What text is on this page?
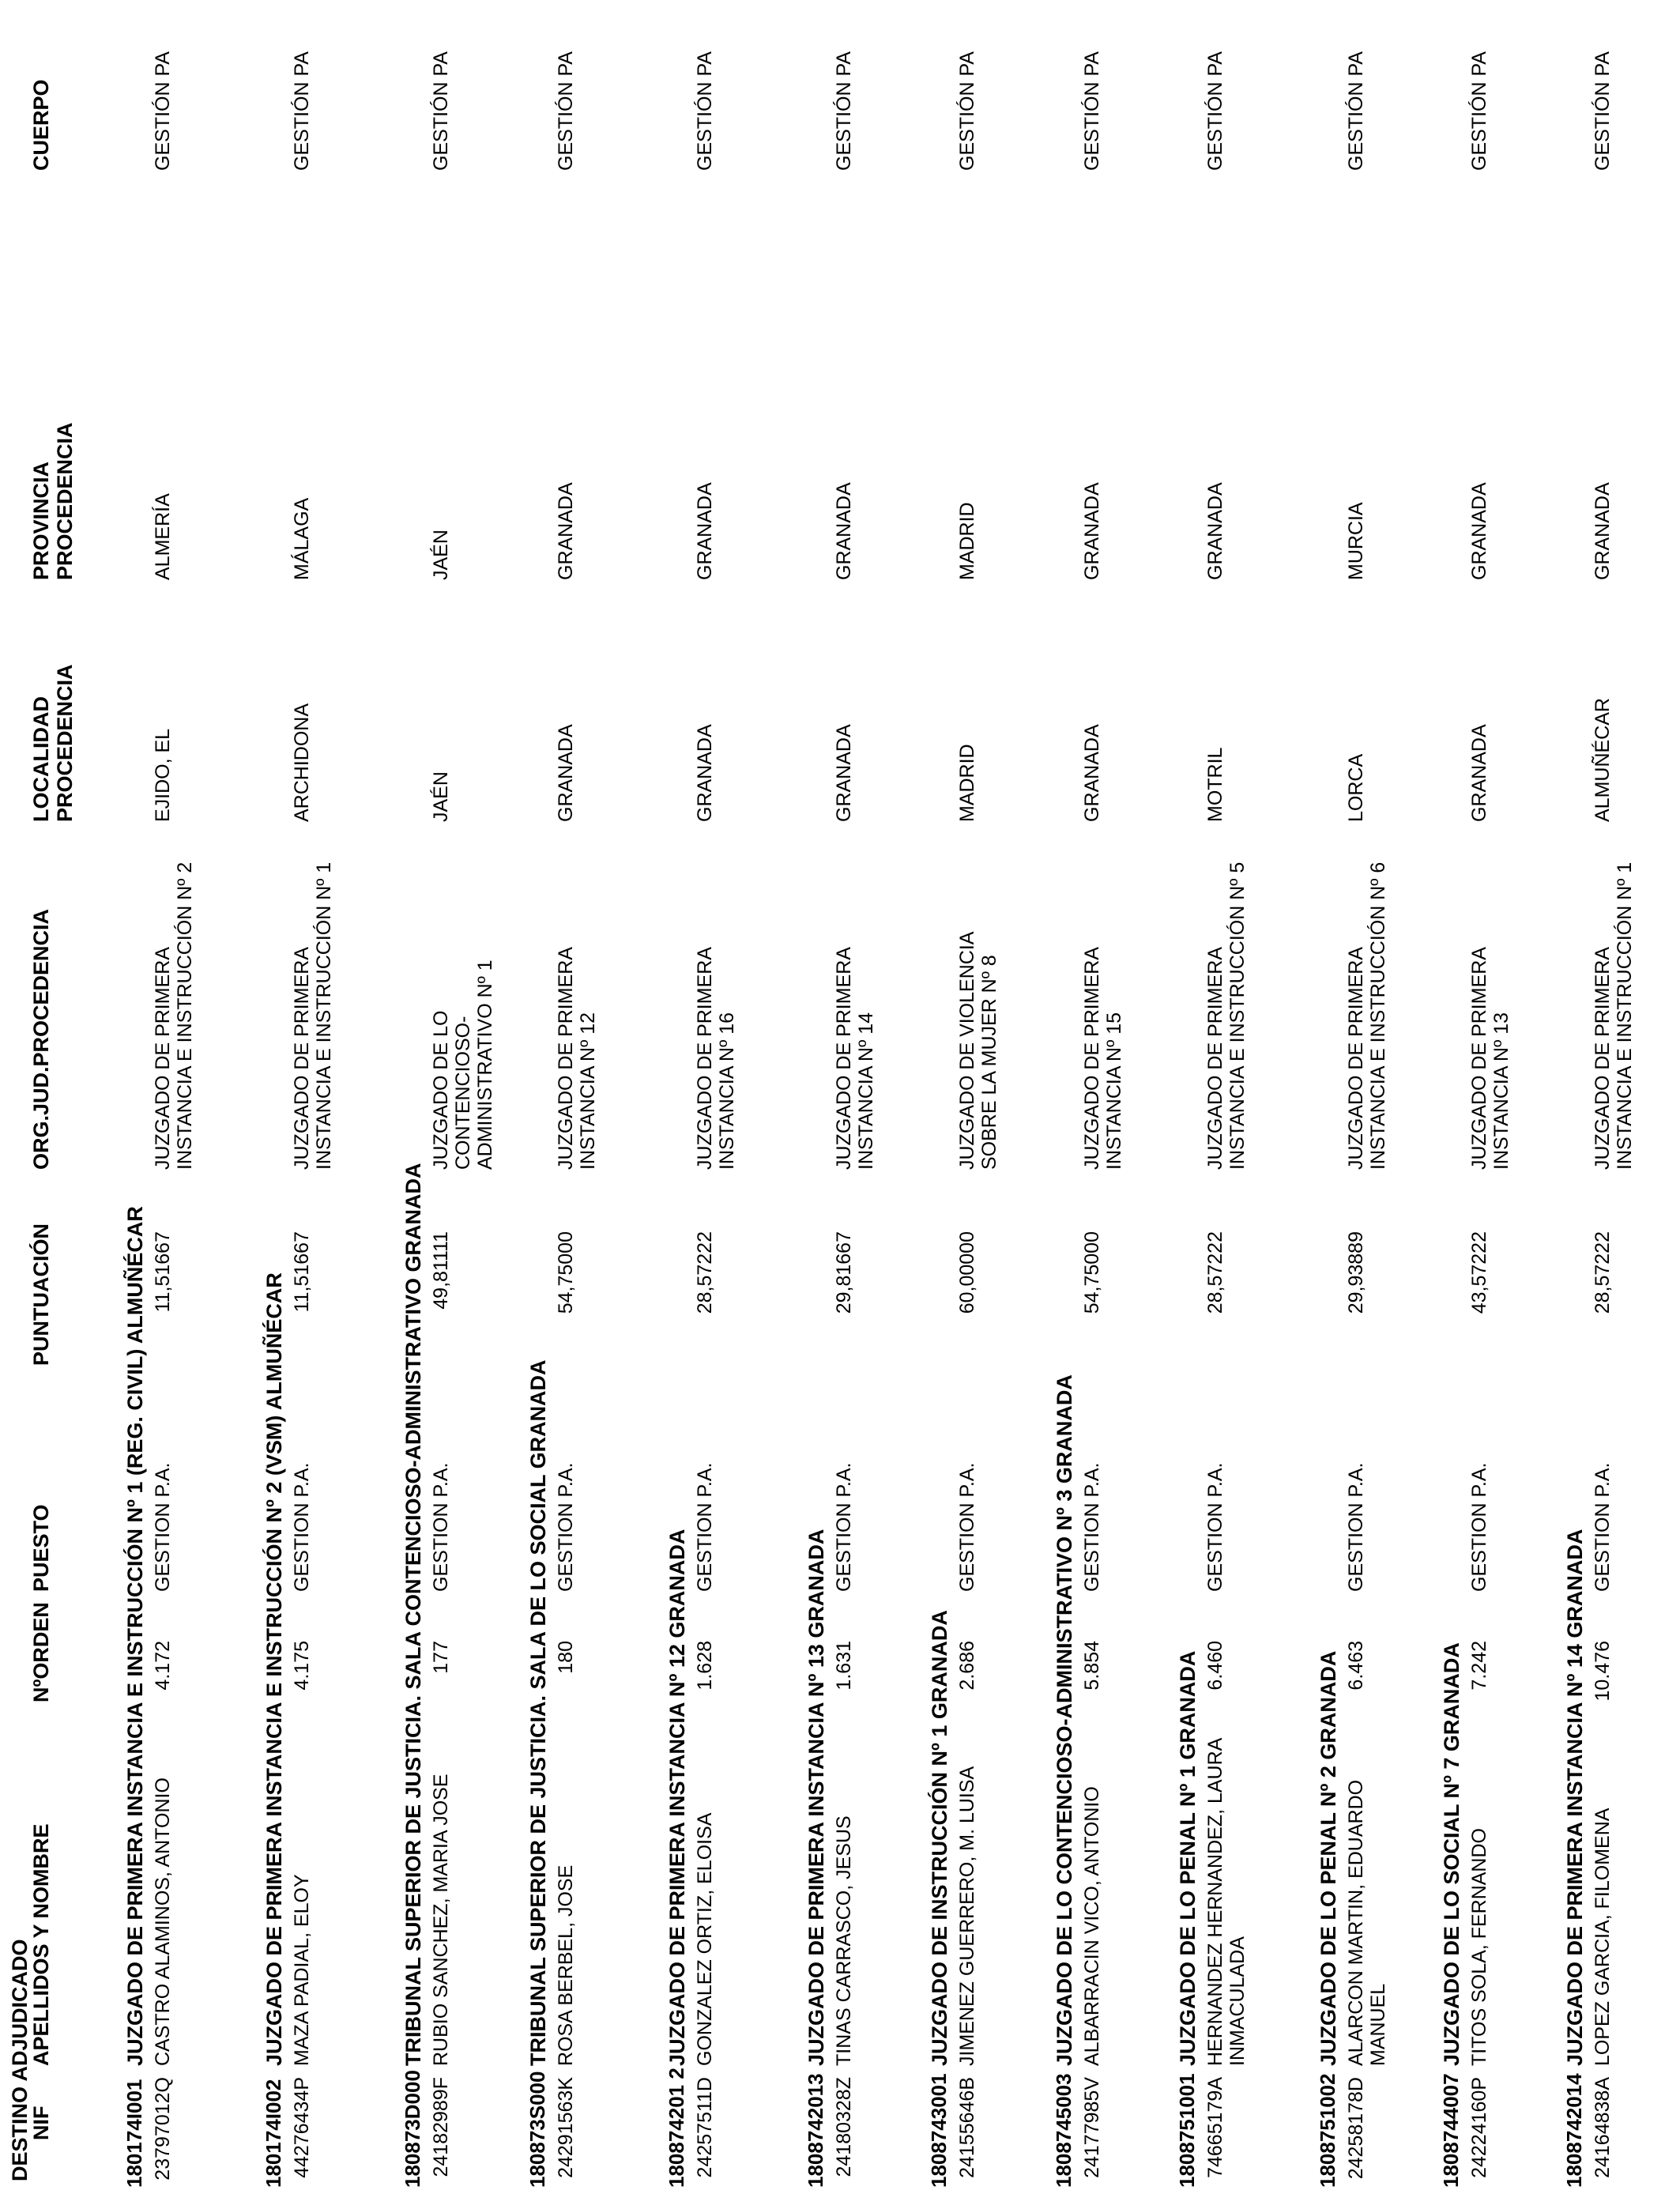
DESTINO ADJUDICADO
NIF
APELLIDOS Y NOMBRE
NºORDEN
PUESTO
PUNTUACIÓN
ORG.JUD.PROCEDENCIA
LOCALIDAD PROCEDENCIA
PROVINCIA PROCEDENCIA
CUERPO
180174I001
JUZGADO DE PRIMERA INSTANCIA E INSTRUCCIÓN Nº 1 (REG. CIVIL) ALMUÑÉCAR
23797012Q
CASTRO ALAMINOS, ANTONIO
4.172
GESTION P.A.
11,51667
JUZGADO DE PRIMERA INSTANCIA E INSTRUCCIÓN Nº 2
EJIDO, EL
ALMERÍA
GESTIÓN PA
180174I002
JUZGADO DE PRIMERA INSTANCIA E INSTRUCCIÓN Nº 2 (VSM) ALMUÑÉCAR
44276434P
MAZA PADIAL, ELOY
4.175
GESTION P.A.
11,51667
JUZGADO DE PRIMERA INSTANCIA E INSTRUCCIÓN Nº 1
ARCHIDONA
MÁLAGA
GESTIÓN PA
180873D000
TRIBUNAL SUPERIOR DE JUSTICIA. SALA CONTENCIOSO-ADMINISTRATIVO GRANADA
24182989F
RUBIO SANCHEZ, MARIA JOSE
177
GESTION P.A.
49,81111
JUZGADO DE LO CONTENCIOSO- ADMINISTRATIVO Nº 1
JAÉN
JAÉN
GESTIÓN PA
180873S000
TRIBUNAL SUPERIOR DE JUSTICIA. SALA DE LO SOCIAL GRANADA
24291563K
ROSA BERBEL, JOSE
180
GESTION P.A.
54,75000
JUZGADO DE PRIMERA INSTANCIA Nº 12
GRANADA
GRANADA
GESTIÓN PA
180874201 2
JUZGADO DE PRIMERA INSTANCIA Nº 12 GRANADA
24257511D
GONZALEZ ORTIZ, ELOISA
1.628
GESTION P.A.
28,57222
JUZGADO DE PRIMERA INSTANCIA Nº 16
GRANADA
GRANADA
GESTIÓN PA
1808742013
JUZGADO DE PRIMERA INSTANCIA Nº 13 GRANADA
24180328Z
TINAS CARRASCO, JESUS
1.631
GESTION P.A.
29,81667
JUZGADO DE PRIMERA INSTANCIA Nº 14
GRANADA
GRANADA
GESTIÓN PA
1808743001
JUZGADO DE INSTRUCCIÓN Nº 1 GRANADA
24155646B
JIMENEZ GUERRERO, M. LUISA
2.686
GESTION P.A.
60,00000
JUZGADO DE VIOLENCIA SOBRE LA MUJER Nº 8
MADRID
MADRID
GESTIÓN PA
1808745003
JUZGADO DE LO CONTENCIOSO-ADMINISTRATIVO Nº 3 GRANADA
24177985V
ALBARRACIN VICO, ANTONIO
5.854
GESTION P.A.
54,75000
JUZGADO DE PRIMERA INSTANCIA Nº 15
GRANADA
GRANADA
GESTIÓN PA
1808751001
JUZGADO DE LO PENAL Nº 1 GRANADA
74665179A
HERNANDEZ HERNANDEZ, LAURA INMACULADA
6.460
GESTION P.A.
28,57222
JUZGADO DE PRIMERA INSTANCIA E INSTRUCCIÓN Nº 5
MOTRIL
GRANADA
GESTIÓN PA
1808751002
JUZGADO DE LO PENAL Nº 2 GRANADA
24258178D
ALARCON MARTIN, EDUARDO MANUEL
6.463
GESTION P.A.
29,93889
JUZGADO DE PRIMERA INSTANCIA E INSTRUCCIÓN Nº 6
LORCA
MURCIA
GESTIÓN PA
1808744007
JUZGADO DE LO SOCIAL Nº 7 GRANADA
24224160P
TITOS SOLA, FERNANDO
7.242
GESTION P.A.
43,57222
JUZGADO DE PRIMERA INSTANCIA Nº 13
GRANADA
GRANADA
GESTIÓN PA
1808742014
JUZGADO DE PRIMERA INSTANCIA Nº 14 GRANADA
24164838A
LOPEZ GARCIA, FILOMENA
10.476
GESTION P.A.
28,57222
JUZGADO DE PRIMERA INSTANCIA E INSTRUCCIÓN Nº 1
ALMUÑÉCAR
GRANADA
GESTIÓN PA
